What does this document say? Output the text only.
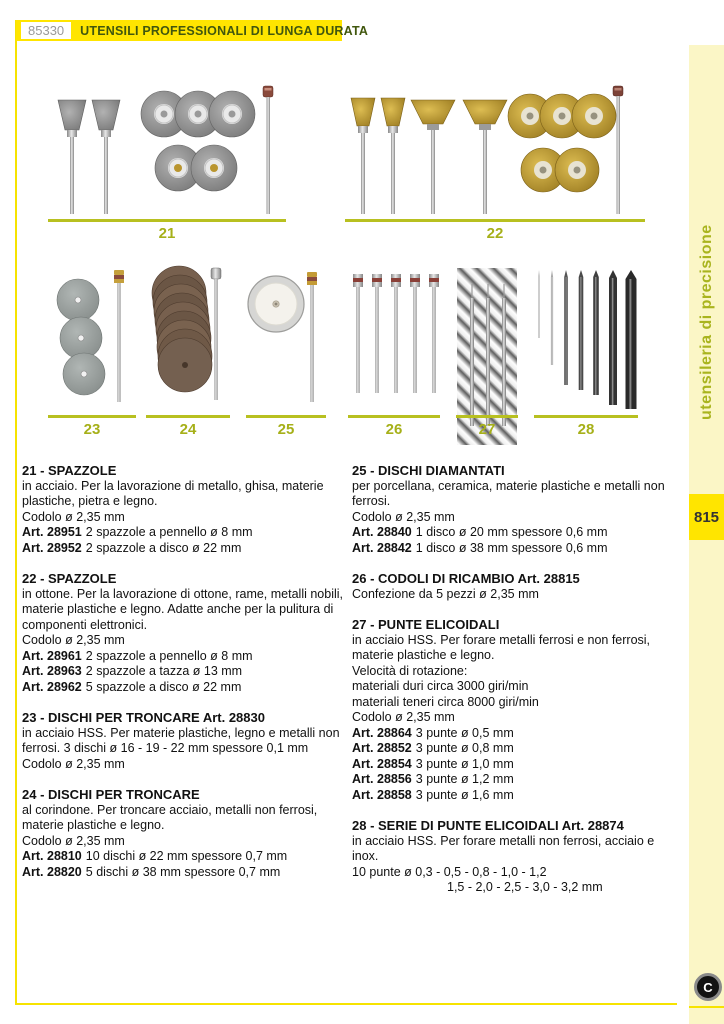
85330	UTENSILI PROFESSIONALI DI LUNGA DURATA
utensileria di precisione
815
C
21	22
23	24	25	26	27	28
21 - SPAZZOLE
in acciaio. Per la lavorazione di metallo, ghisa, materie plastiche, pietra e legno.
Codolo ø 2,35 mm
Art. 28951 2 spazzole a pennello ø 8 mm
Art. 28952 2 spazzole a disco ø 22 mm
22 - SPAZZOLE
in ottone. Per la lavorazione di ottone, rame, metalli nobili, materie plastiche e legno. Adatte anche per la pulitura di componenti elettronici.
Codolo ø 2,35 mm
Art. 28961 2 spazzole a pennello ø 8 mm
Art. 28963 2 spazzole a tazza ø 13 mm
Art. 28962 5 spazzole a disco ø 22 mm
23 - DISCHI PER TRONCARE Art. 28830
in acciaio HSS. Per materie plastiche, legno e metalli non ferrosi. 3 dischi ø 16 - 19 - 22 mm spessore 0,1 mm
Codolo ø 2,35 mm
24 - DISCHI PER TRONCARE
al corindone. Per troncare acciaio, metalli non ferrosi, materie plastiche e legno.
Codolo ø 2,35 mm
Art. 28810 10 dischi ø 22 mm spessore 0,7 mm
Art. 28820 5 dischi ø 38 mm spessore 0,7 mm
25 - DISCHI DIAMANTATI
per porcellana, ceramica, materie plastiche e metalli non ferrosi.
Codolo ø 2,35 mm
Art. 28840 1 disco ø 20 mm spessore 0,6 mm
Art. 28842 1 disco ø 38 mm spessore 0,6 mm
26 - CODOLI DI RICAMBIO Art. 28815
Confezione da 5 pezzi ø 2,35 mm
27 - PUNTE ELICOIDALI
in acciaio HSS. Per forare metalli ferrosi e non ferrosi, materie plastiche e legno.
Velocità di rotazione:
materiali duri circa 3000 giri/min
materiali teneri circa 8000 giri/min
Codolo ø 2,35 mm
Art. 28864 3 punte ø 0,5 mm
Art. 28852 3 punte ø 0,8 mm
Art. 28854 3 punte ø 1,0 mm
Art. 28856 3 punte ø 1,2 mm
Art. 28858 3 punte ø 1,6 mm
28 - SERIE DI PUNTE ELICOIDALI Art. 28874
in acciaio HSS. Per forare metalli non ferrosi, acciaio e inox.
10 punte ø 0,3 - 0,5 - 0,8 - 1,0 - 1,2
1,5 - 2,0 - 2,5 - 3,0 - 3,2 mm
